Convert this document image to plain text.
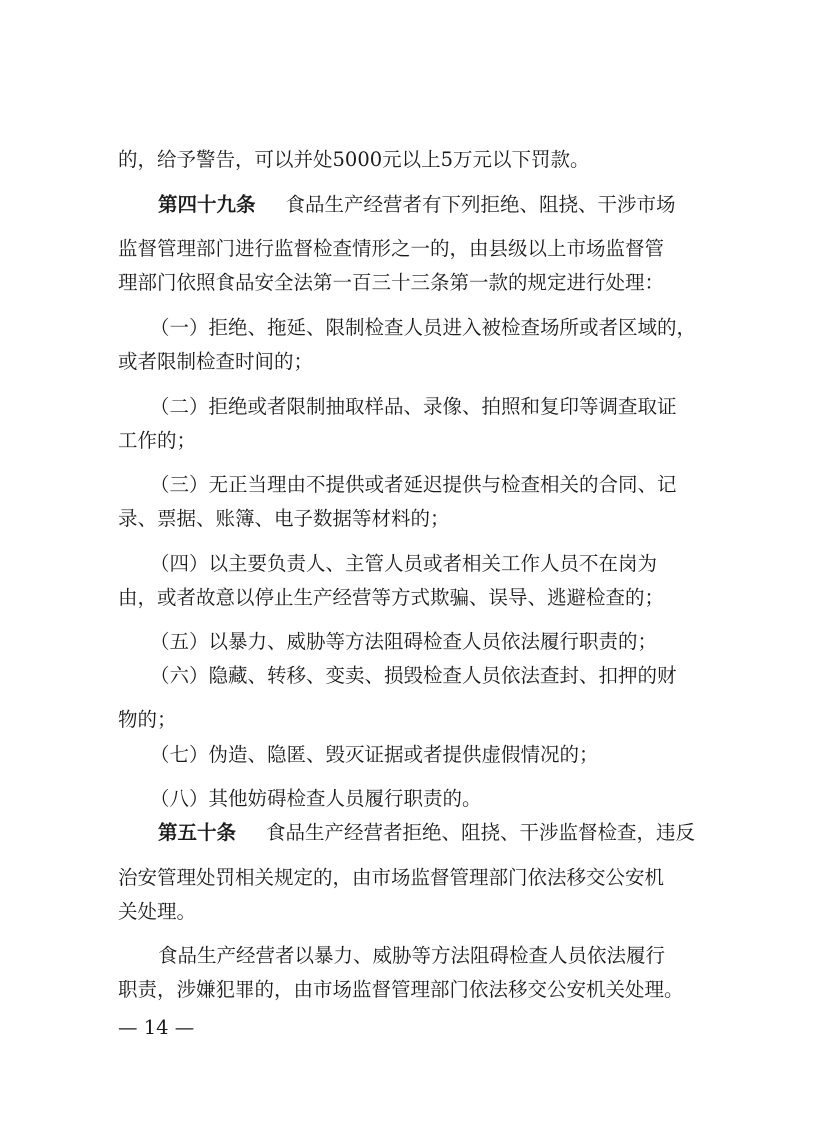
的，给予警告，可以并处5000元以上5万元以下罚款。
第四十九条 食品生产经营者有下列拒绝、阻挠、干涉市场
监督管理部门进行监督检查情形之一的，由县级以上市场监督管
理部门依照食品安全法第一百三十三条第一款的规定进行处理：
（一）拒绝、拖延、限制检查人员进入被检查场所或者区域的，
或者限制检查时间的；
（二）拒绝或者限制抽取样品、录像、拍照和复印等调查取证
工作的；
（三）无正当理由不提供或者延迟提供与检查相关的合同、记
录、票据、账簿、电子数据等材料的；
（四）以主要负责人、主管人员或者相关工作人员不在岗为
由，或者故意以停止生产经营等方式欺骗、误导、逃避检查的；
（五）以暴力、威胁等方法阻碍检查人员依法履行职责的；
（六）隐藏、转移、变卖、损毁检查人员依法查封、扣押的财
物的；
（七）伪造、隐匿、毁灭证据或者提供虚假情况的；
（八）其他妨碍检查人员履行职责的。
第五十条 食品生产经营者拒绝、阻挠、干涉监督检查，违反
治安管理处罚相关规定的，由市场监督管理部门依法移交公安机
关处理。
食品生产经营者以暴力、威胁等方法阻碍检查人员依法履行
职责，涉嫌犯罪的，由市场监督管理部门依法移交公安机关处理。
— 14 —
